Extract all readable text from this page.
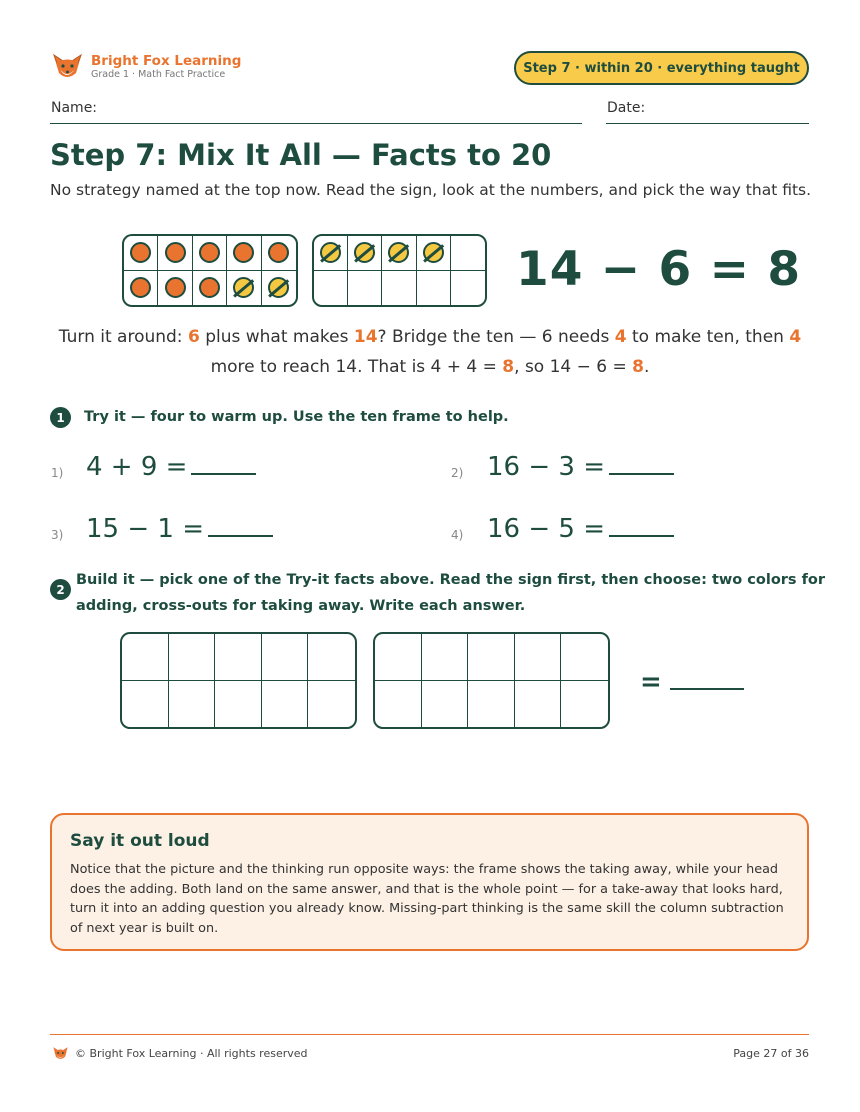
Bright Fox Learning
Grade 1 · Math Fact Practice	Step 7 · within 20 · everything taught
Name:	Date:
Step 7: Mix It All — Facts to 20
No strategy named at the top now. Read the sign, look at the numbers, and pick the way that fits.
14 − 6 = 8
Turn it around: 6 plus what makes 14? Bridge the ten — 6 needs 4 to make ten, then 4 more to reach 14. That is 4 + 4 = 8, so 14 − 6 = 8.
1	Try it — four to warm up. Use the ten frame to help.
1) 4 + 9 =	2) 16 − 3 =
3) 15 − 1 =	4) 16 − 5 =
2
Build it — pick one of the Try-it facts above. Read the sign first, then choose: two colors for
adding, cross-outs for taking away. Write each answer.
=
Say it out loud
Notice that the picture and the thinking run opposite ways: the frame shows the taking away, while your head does the adding. Both land on the same answer, and that is the whole point — for a take-away that looks hard, turn it into an adding question you already know. Missing-part thinking is the same skill the column subtraction of next year is built on.
© Bright Fox Learning · All rights reserved	Page 27 of 36
